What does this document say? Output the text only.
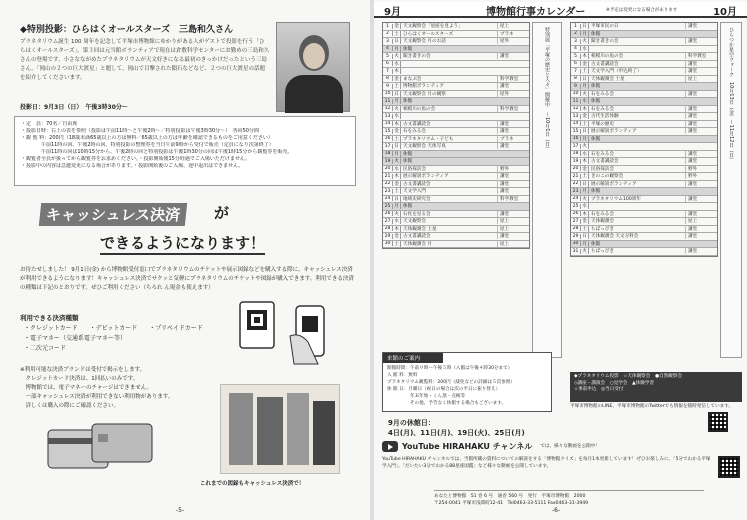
◆特別投影：ひらはくオールスターズ　三島和久さん
プラネタリウム誕生 100 周年を記念して平塚市博物館にゆかりがある人がゲストで投影を行う「ひらはくオールスターズ」。第３回は元当館ボランティアで現在は倉敷科学センターにお勤めの三島和久さんの登場です。小さなながめたプラネタリウムが天文好きになる最初のきっかけだったという三島さん。「岡山の２つの巨大渡星」と題して、岡山で目撃された隕石などなど、２つの巨大渡星の話題を紹介してくださいます。
投影日：9月3日（日）　午後3時30分～
・定　員：70名／自由席
・投影日時：右上の表を参照（投影は午前11時～と午後2時～／特別投影は午後3時30分～）　各回50分間
・観 覧 料：200円（18歳未満65歳以上の方は無料／65歳以上の方は年齢を確認できるものをご用意ください）
　　　　午前11時の回、午後2時の回、特別投影の整理券を当日午前9時から受付で販売（定員になり次第終了）
　　　　午前11時の回は10時15分から、午後2時の回と特別投影は午後1時30分の回は午後1時15分から観覧券を販売。
・観覧者全員が扱ってから観覧券をお求めください。・投影開始後15分経過でご入場いただけません。
・投影中の内容は急遽変更になる場合があります。・投影開始後のご入場、途中退出はできません。
キャッシュレス決済	が
できるようになります！
お待たせしました！ 9月1日(金) から博物館受付窓口でプラネタリウムのチケットや展示図録などを購入する際に、キャッシュレス決済が利用できるようになります！キャッシュレス決済でサクッと気軽にプラネタリウムのチケットや図録が購入できます。利用できる決済の種類は下記のとおりです。ぜひご利用ください（ちろれ ん現金も使えます）
利用できる決済種類
・クレジットカード ・デビットカード ・プリペイドカード
・電子マネー（交通系電子マネー等）
・二次元コード
※利用可能な決済ブランドは受付で掲示をします。
　クレジットカード決済は、1回払いのみです。
　博物館では、電子マネーのチャージはできません。
　一部キャッシュレス決済が利用できない利用物があります。
　詳しくは購入の際にご確認ください。
これまでの図録もキャッシュレス決済で！
-5-
9月	博物館行事カレンダー	※予定は変更になる場合があります	10月
1	金 天文観察会「星座を見よう」	屋上
2	土 ひらはくオールスターズ	プラネ
3	日 天文観察会 月のお話	屋外
4	月 休館
5	火 聞き書きの会	講堂
6	水
7	木
8	金 まなぶ会	科学教室
9	土 博物館ボランティア	講堂
10 日 天文観察会 月の観察	屋外
11 月 休館
12 火 相模川の魚の会	科学教室
13 水
14 木 古文書講読会	講堂
15 金 石をみる会	講堂
16 土 プラネタリウム・子ども	プラネ
17 日 天文観察会 天体写真	講堂
18 月 休館
19 火 休館
20 水 民俗探訪会	野外
21 木 展示解説ボランティア	講堂
22 金 古文書講読会	講堂
23 土 天文学入門	講堂
24 日 地域史研究会	科学教室
25 月 休館
26 火 石化を見る会	講堂
27 水 天文観察会	屋上
28 木 天体観測会 土星	屋上
29 金 古文書講読会	講堂
30 土 天体観測会 月	屋上
特別展「平塚の歴史と人々」開催中　～10月1日（日）
1	日 平塚市民の日	講堂
2	月 休館
3	火 聞き書きの会	講堂
4	水
5	木 相模川の魚の会	科学教室
6	金 古文書講読会	講堂
7	土 天文学入門（申込終了）	講堂
8	日 天体観測会 土星	屋上
9	月 休館
10 火 石をみる会	講堂
11 水 休館
12 木 石をみる会	講堂
13 金 古代生活体験	講堂
14 土 平塚の歴史	講堂
15 日 展示解説ボランティア	講堂
16 月 休館
17 火
18 水 石をみる会	講堂
19 木 古文書講読会	講堂
20 金 民俗探訪会	野外
21 土 きのこの観察会	野外
22 日 展示解説ボランティア	講堂
23 月 休館
24 火 プラネタリウム100周年	講堂
25 水
26 木 石をみる会	講堂
27 金 天体観測会	屋上
28 土 ちばっぴき	講堂
29 日 天体観測会 天文分科会	講堂
30 月 休館
31 火 ちばっぴき	講堂
ひらつか星空ウォーク　10月13日（金）～11月12日（日）
来館のご案内
開館時間：午前９時～午後５時（入館は午後４時30分まで）
入 館 料：無料
プラネタリウム観覧料：200円（減免などの詳細は５頁参照）
休 館 日：月曜日（祝日の場合は次の平日に振り替え）
　　　　　年末年始・くん蒸・点検等
　　　　　その他、予告なく休館する場合もございます。
◆プラネタリウム投影　☆天体観察会　●自然観察会
◇講座・講演会　○見学会　▲体験学習
☆事前申込　◎当日受付
9月の休館日：
4日(月)、11日(月)、19日(火)、25日(月)
平塚市博物館のLINE、平塚市博物館のTwitterでも情報を随時発信しています。
YouTube HIRAHAKU チャンネル では、様々な動画を公開中！
YouTube HIRAHAKU チャンネルでは、当館所蔵の資料についての解説をする「博物館クイズ」を毎月1本更新しています！ぜひお楽しみに。「5分でわかる平塚学入門」、「だいたい3分でわかる88星座図鑑」など様々な動画を公開しています。
あなたと博物館　51 巻 6 号　通巻 560 号　発行　平塚市博物館　2000
〒254-0041 平塚市浅間町12-41　Tel0463-33-5111 Fax0463-31-3949
-6-
